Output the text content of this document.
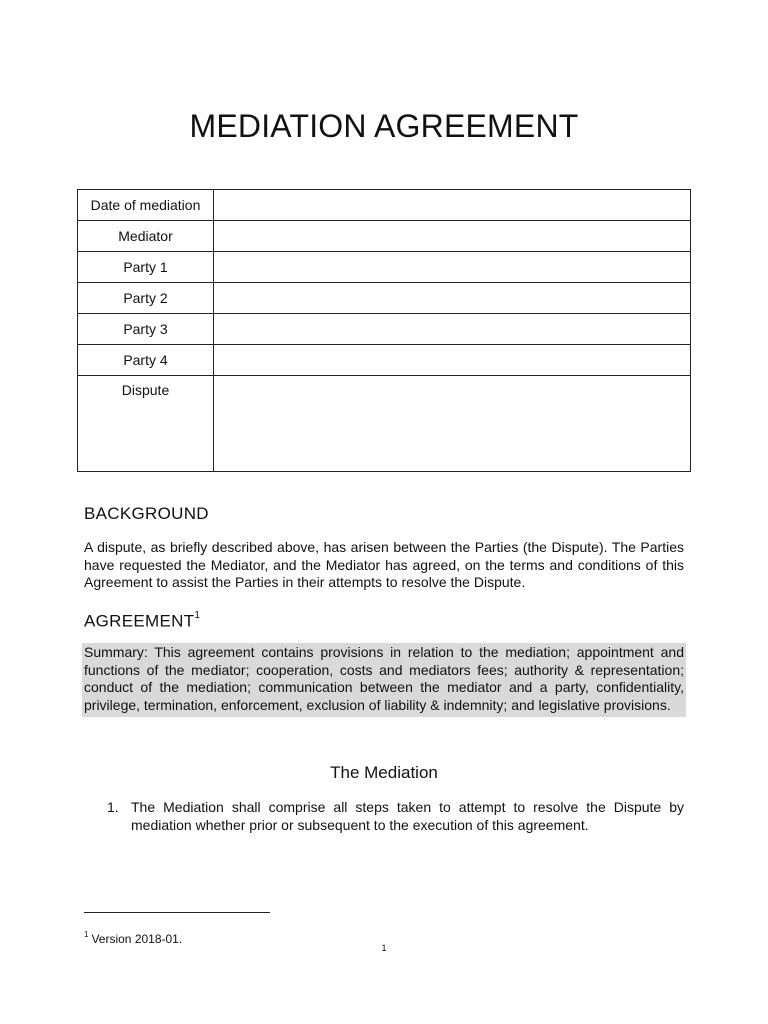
MEDIATION AGREEMENT
Date of mediation	
Mediator	
Party 1	
Party 2	
Party 3	
Party 4	
Dispute	
BACKGROUND

A dispute, as briefly described above, has arisen between the Parties (the Dispute). The Parties have requested the Mediator, and the Mediator has agreed, on the terms and conditions of this Agreement to assist the Parties in their attempts to resolve the Dispute.

AGREEMENT$^1$

Summary: This agreement contains provisions in relation to the mediation; appointment and functions of the mediator; cooperation, costs and mediators fees; authority & representation; conduct of the mediation; communication between the mediator and a party, confidentiality, privilege, termination, enforcement, exclusion of liability & indemnity; and legislative provisions.

The Mediation
1. The Mediation shall comprise all steps taken to attempt to resolve the Dispute by mediation whether prior or subsequent to the execution of this agreement.

$^1$ Version 2018-01.
1
